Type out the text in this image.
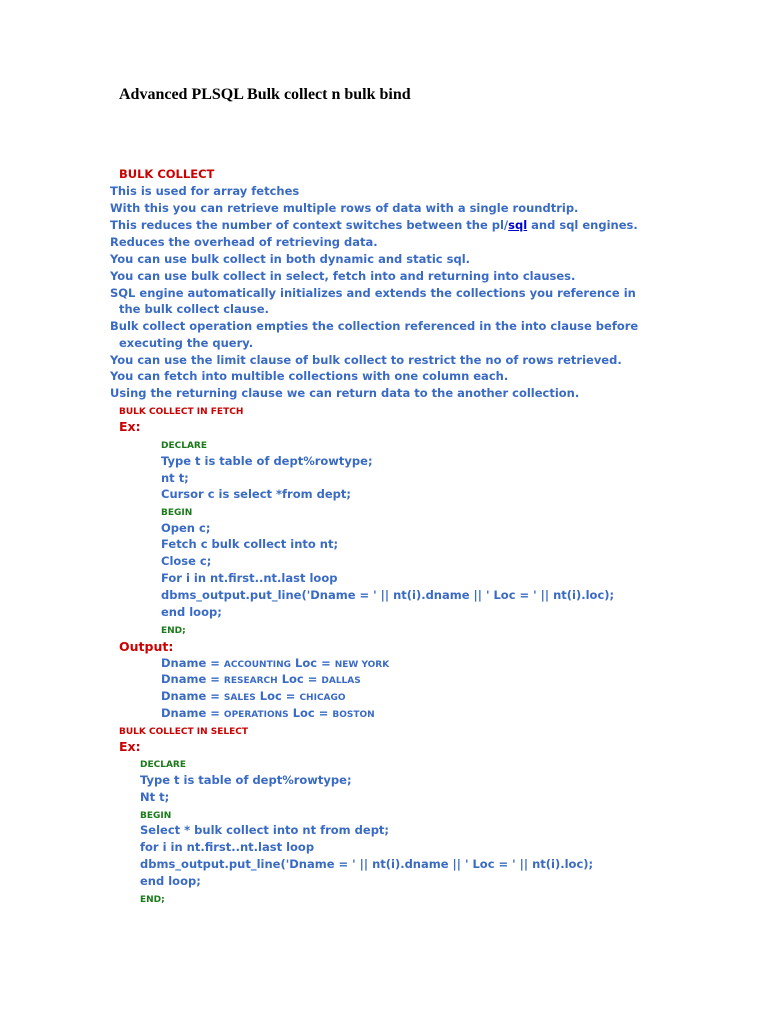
Advanced PLSQL Bulk collect n bulk bind
BULK COLLECT
This is used for array fetches
With this you can retrieve multiple rows of data with a single roundtrip.
This reduces the number of context switches between the pl/sql and sql engines.
Reduces the overhead of retrieving data.
You can use bulk collect in both dynamic and static sql.
You can use bulk collect in select, fetch into and returning into clauses.
SQL engine automatically initializes and extends the collections you reference in
the bulk collect clause.
Bulk collect operation empties the collection referenced in the into clause before
executing the query.
You can use the limit clause of bulk collect to restrict the no of rows retrieved.
You can fetch into multible collections with one column each.
Using the returning clause we can return data to the another collection.
BULK COLLECT IN FETCH
Ex:
DECLARE
Type t is table of dept%rowtype;
nt t;
Cursor c is select *from dept;
BEGIN
Open c;
Fetch c bulk collect into nt;
Close c;
For i in nt.first..nt.last loop
dbms_output.put_line('Dname = ' || nt(i).dname || ' Loc = ' || nt(i).loc);
end loop;
END;
Output:
Dname = ACCOUNTING Loc = NEW YORK
Dname = RESEARCH Loc = DALLAS
Dname = SALES Loc = CHICAGO
Dname = OPERATIONS Loc = BOSTON
BULK COLLECT IN SELECT
Ex:
DECLARE
Type t is table of dept%rowtype;
Nt t;
BEGIN
Select * bulk collect into nt from dept;
for i in nt.first..nt.last loop
dbms_output.put_line('Dname = ' || nt(i).dname || ' Loc = ' || nt(i).loc);
end loop;
END;
